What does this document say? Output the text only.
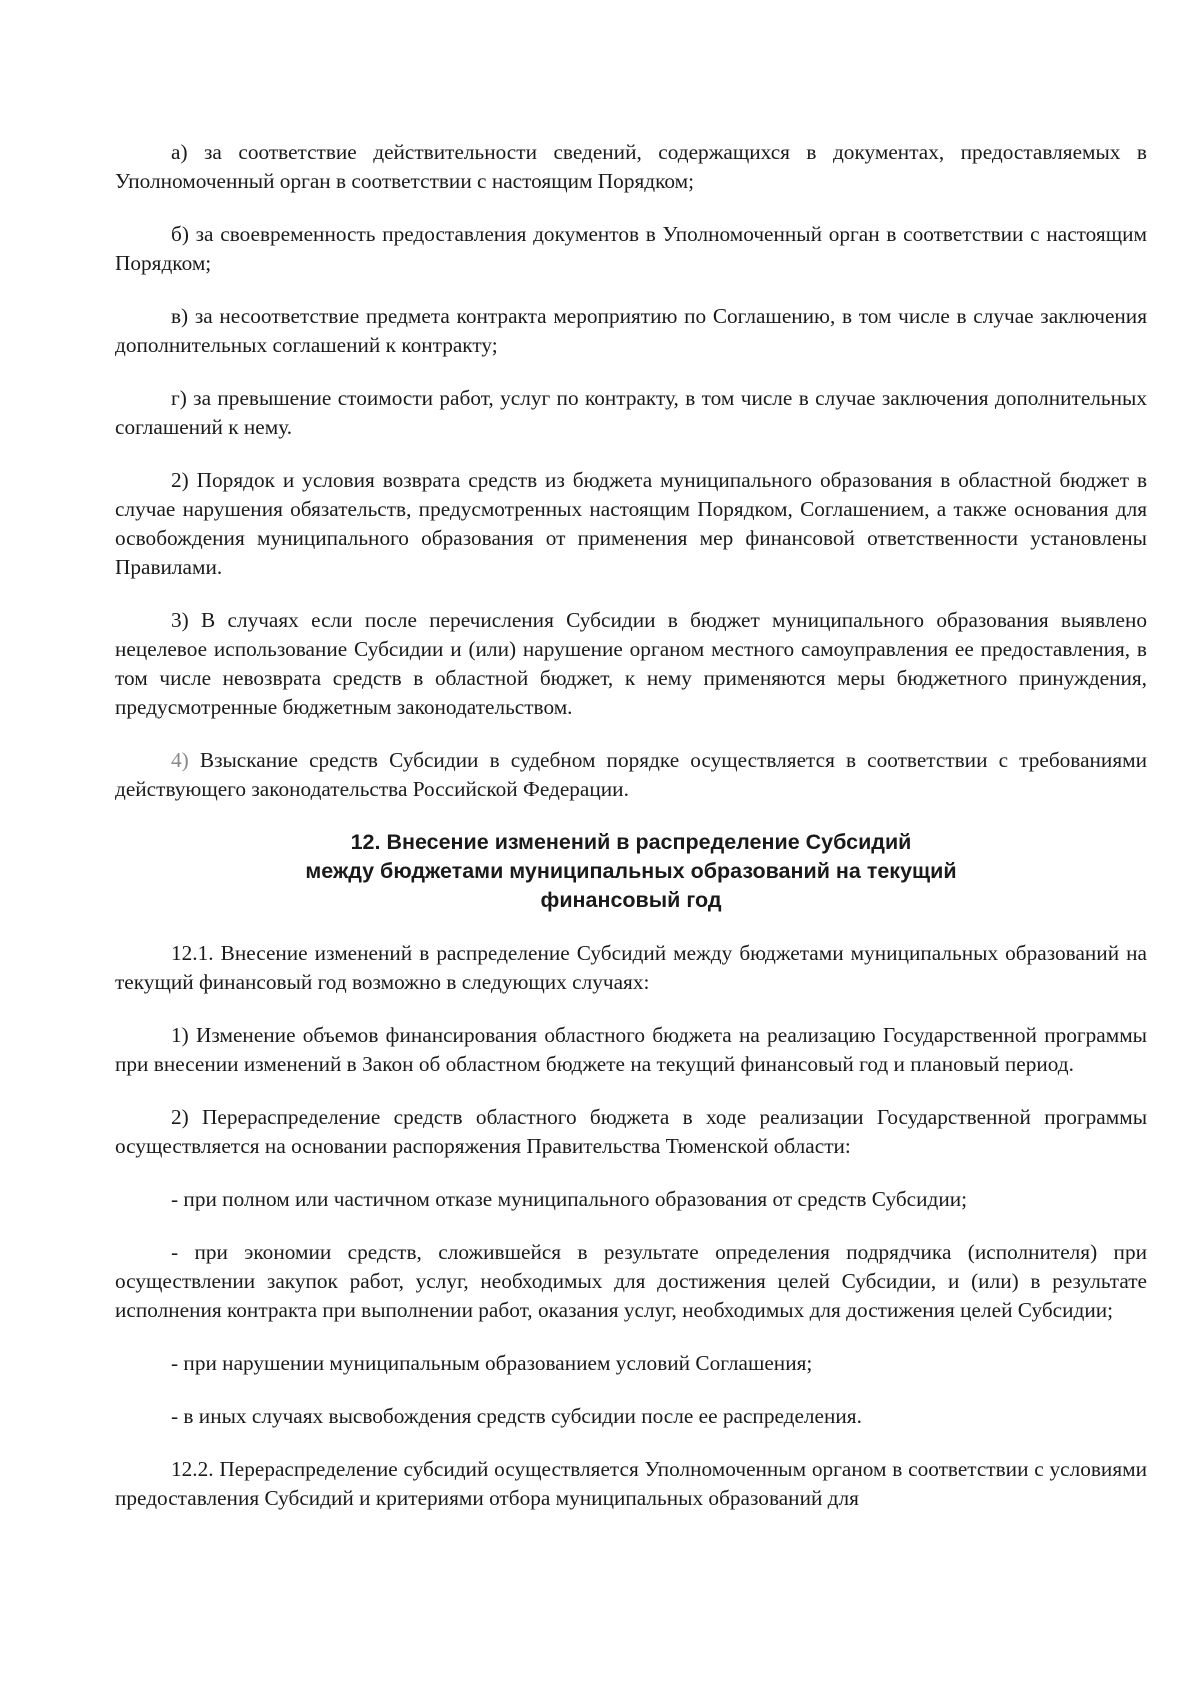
а) за соответствие действительности сведений, содержащихся в документах, предоставляемых в Уполномоченный орган в соответствии с настоящим Порядком;

б) за своевременность предоставления документов в Уполномоченный орган в соответствии с настоящим Порядком;

в) за несоответствие предмета контракта мероприятию по Соглашению, в том числе в случае заключения дополнительных соглашений к контракту;

г) за превышение стоимости работ, услуг по контракту, в том числе в случае заключения дополнительных соглашений к нему.

2) Порядок и условия возврата средств из бюджета муниципального образования в областной бюджет в случае нарушения обязательств, предусмотренных настоящим Порядком, Соглашением, а также основания для освобождения муниципального образования от применения мер финансовой ответственности установлены Правилами.

3) В случаях если после перечисления Субсидии в бюджет муниципального образования выявлено нецелевое использование Субсидии и (или) нарушение органом местного самоуправления ее предоставления, в том числе невозврата средств в областной бюджет, к нему применяются меры бюджетного принуждения, предусмотренные бюджетным законодательством.

4) Взыскание средств Субсидии в судебном порядке осуществляется в соответствии с требованиями действующего законодательства Российской Федерации.

12. Внесение изменений в распределение Субсидий
между бюджетами муниципальных образований на текущий
финансовый год

12.1. Внесение изменений в распределение Субсидий между бюджетами муниципальных образований на текущий финансовый год возможно в следующих случаях:

1) Изменение объемов финансирования областного бюджета на реализацию Государственной программы при внесении изменений в Закон об областном бюджете на текущий финансовый год и плановый период.

2) Перераспределение средств областного бюджета в ходе реализации Государственной программы осуществляется на основании распоряжения Правительства Тюменской области:

- при полном или частичном отказе муниципального образования от средств Субсидии;

- при экономии средств, сложившейся в результате определения подрядчика (исполнителя) при осуществлении закупок работ, услуг, необходимых для достижения целей Субсидии, и (или) в результате исполнения контракта при выполнении работ, оказания услуг, необходимых для достижения целей Субсидии;

- при нарушении муниципальным образованием условий Соглашения;

- в иных случаях высвобождения средств субсидии после ее распределения.

12.2. Перераспределение субсидий осуществляется Уполномоченным органом в соответствии с условиями предоставления Субсидий и критериями отбора муниципальных образований для
